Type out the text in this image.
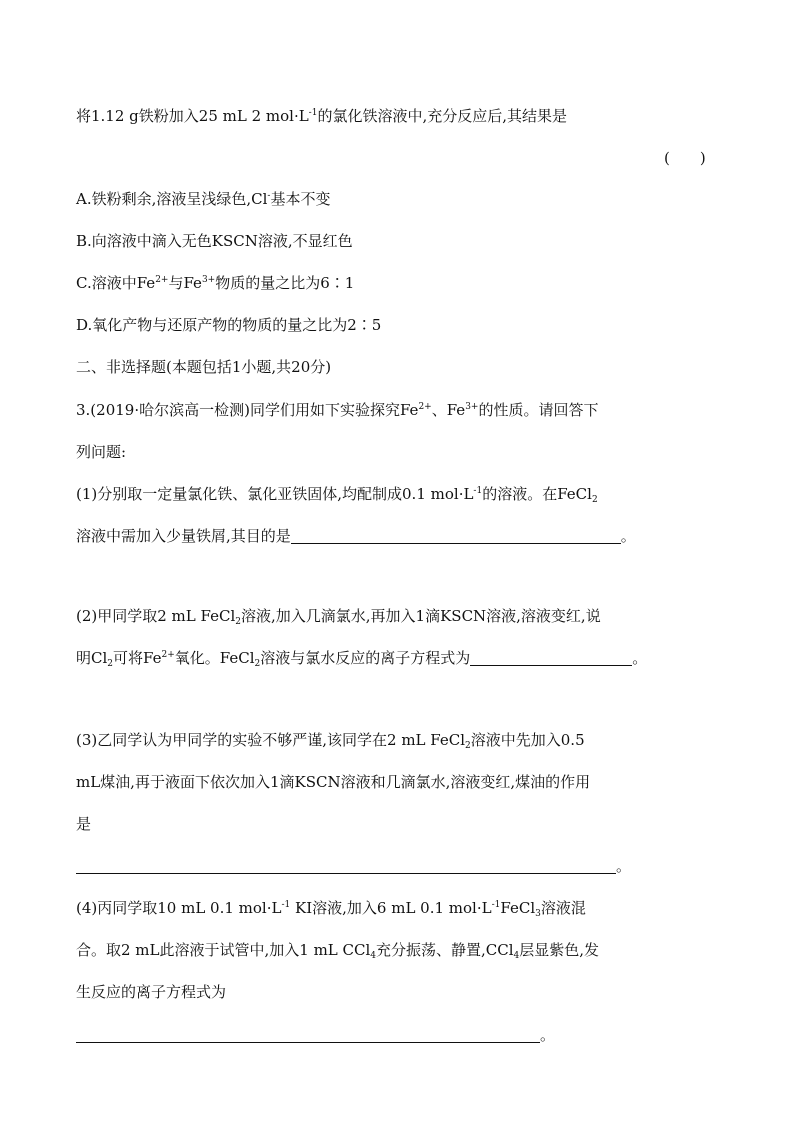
将1.12 g铁粉加入25 mL 2 $mol\cdot L^{-1}$的氯化铁溶液中,充分反应后,其结果是
(　　)
A.铁粉剩余,溶液呈浅绿色,Cl-基本不变
B.向溶液中滴入无色KSCN溶液,不显红色
C.溶液中$Fe^{2+}$与$Fe^{3+}$物质的量之比为6∶1
D.氧化产物与还原产物的物质的量之比为2∶5
二、非选择题(本题包括1小题,共20分)
3.(2019·哈尔滨高一检测)同学们用如下实验探究$Fe^{2+}$、$Fe^{3+}$的性质。请回答下
列问题:
(1)分别取一定量氯化铁、氯化亚铁固体,均配制成0.1 $mol\cdot L^{-1}$的溶液。在FeCl$_2$
溶液中需加入少量铁屑,其目的是	。
(2)甲同学取2 mL FeCl$_2$溶液,加入几滴氯水,再加入1滴KSCN溶液,溶液变红,说
明$Cl_2$可将$Fe^{2+}$氧化。FeCl$_2$溶液与氯水反应的离子方程式为	。
(3)乙同学认为甲同学的实验不够严谨,该同学在2 mL FeCl$_2$溶液中先加入0.5
mL煤油,再于液面下依次加入1滴KSCN溶液和几滴氯水,溶液变红,煤油的作用
是
。
(4)丙同学取10 mL 0.1 $mol\cdot L^{-1}$ KI溶液,加入6 mL 0.1 $mol\cdot L^{-1}FeCl_3$溶液混
合。取2 mL此溶液于试管中,加入1 mL CCl$_4$充分振荡、静置,CCl$_4$层显紫色,发
生反应的离子方程式为
。
